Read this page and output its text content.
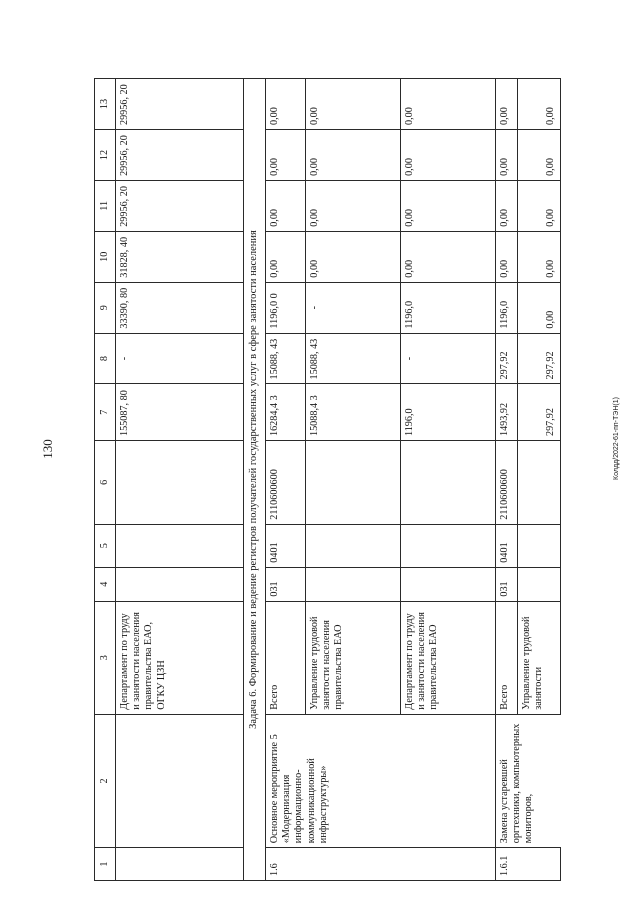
130	Колдд/2022-61-пп-ТЭН(1)
1	2	3	4	5	6	7	8	9	10	11	12	13
		Департамент по труду и занятости населения правительства ЕАО, ОГКУ ЦЗН				155087, 80	-	33390, 80	31828, 40	29956, 20	29956, 20	29956, 20
Задача 6. Формирование и ведение регистров получателей государственных услуг в сфере занятости населения												
1.6	Основное мероприятие 5 «Модернизация информационно-коммуникационной инфраструктуры»	Всего	031	0401	2110600600	16284,4 3	15088, 43	1196,0 0	0,00	0,00	0,00	0,00
		Управление трудовой занятости населения правительства ЕАО				15088,4 3	15088, 43	-	0,00	0,00	0,00	0,00
		Департамент по труду и занятости населения правительства ЕАО				1196,0	-	1196,0	0,00	0,00	0,00	0,00
1.6.1	Замена устаревшей оргтехники, компьютерных мониторов,	Всего	031	0401	2110600600	1493,92	297,92	1196,0	0,00	0,00	0,00	0,00
		Управление трудовой занятости				297,92	297,92	0,00	0,00	0,00	0,00	0,00
